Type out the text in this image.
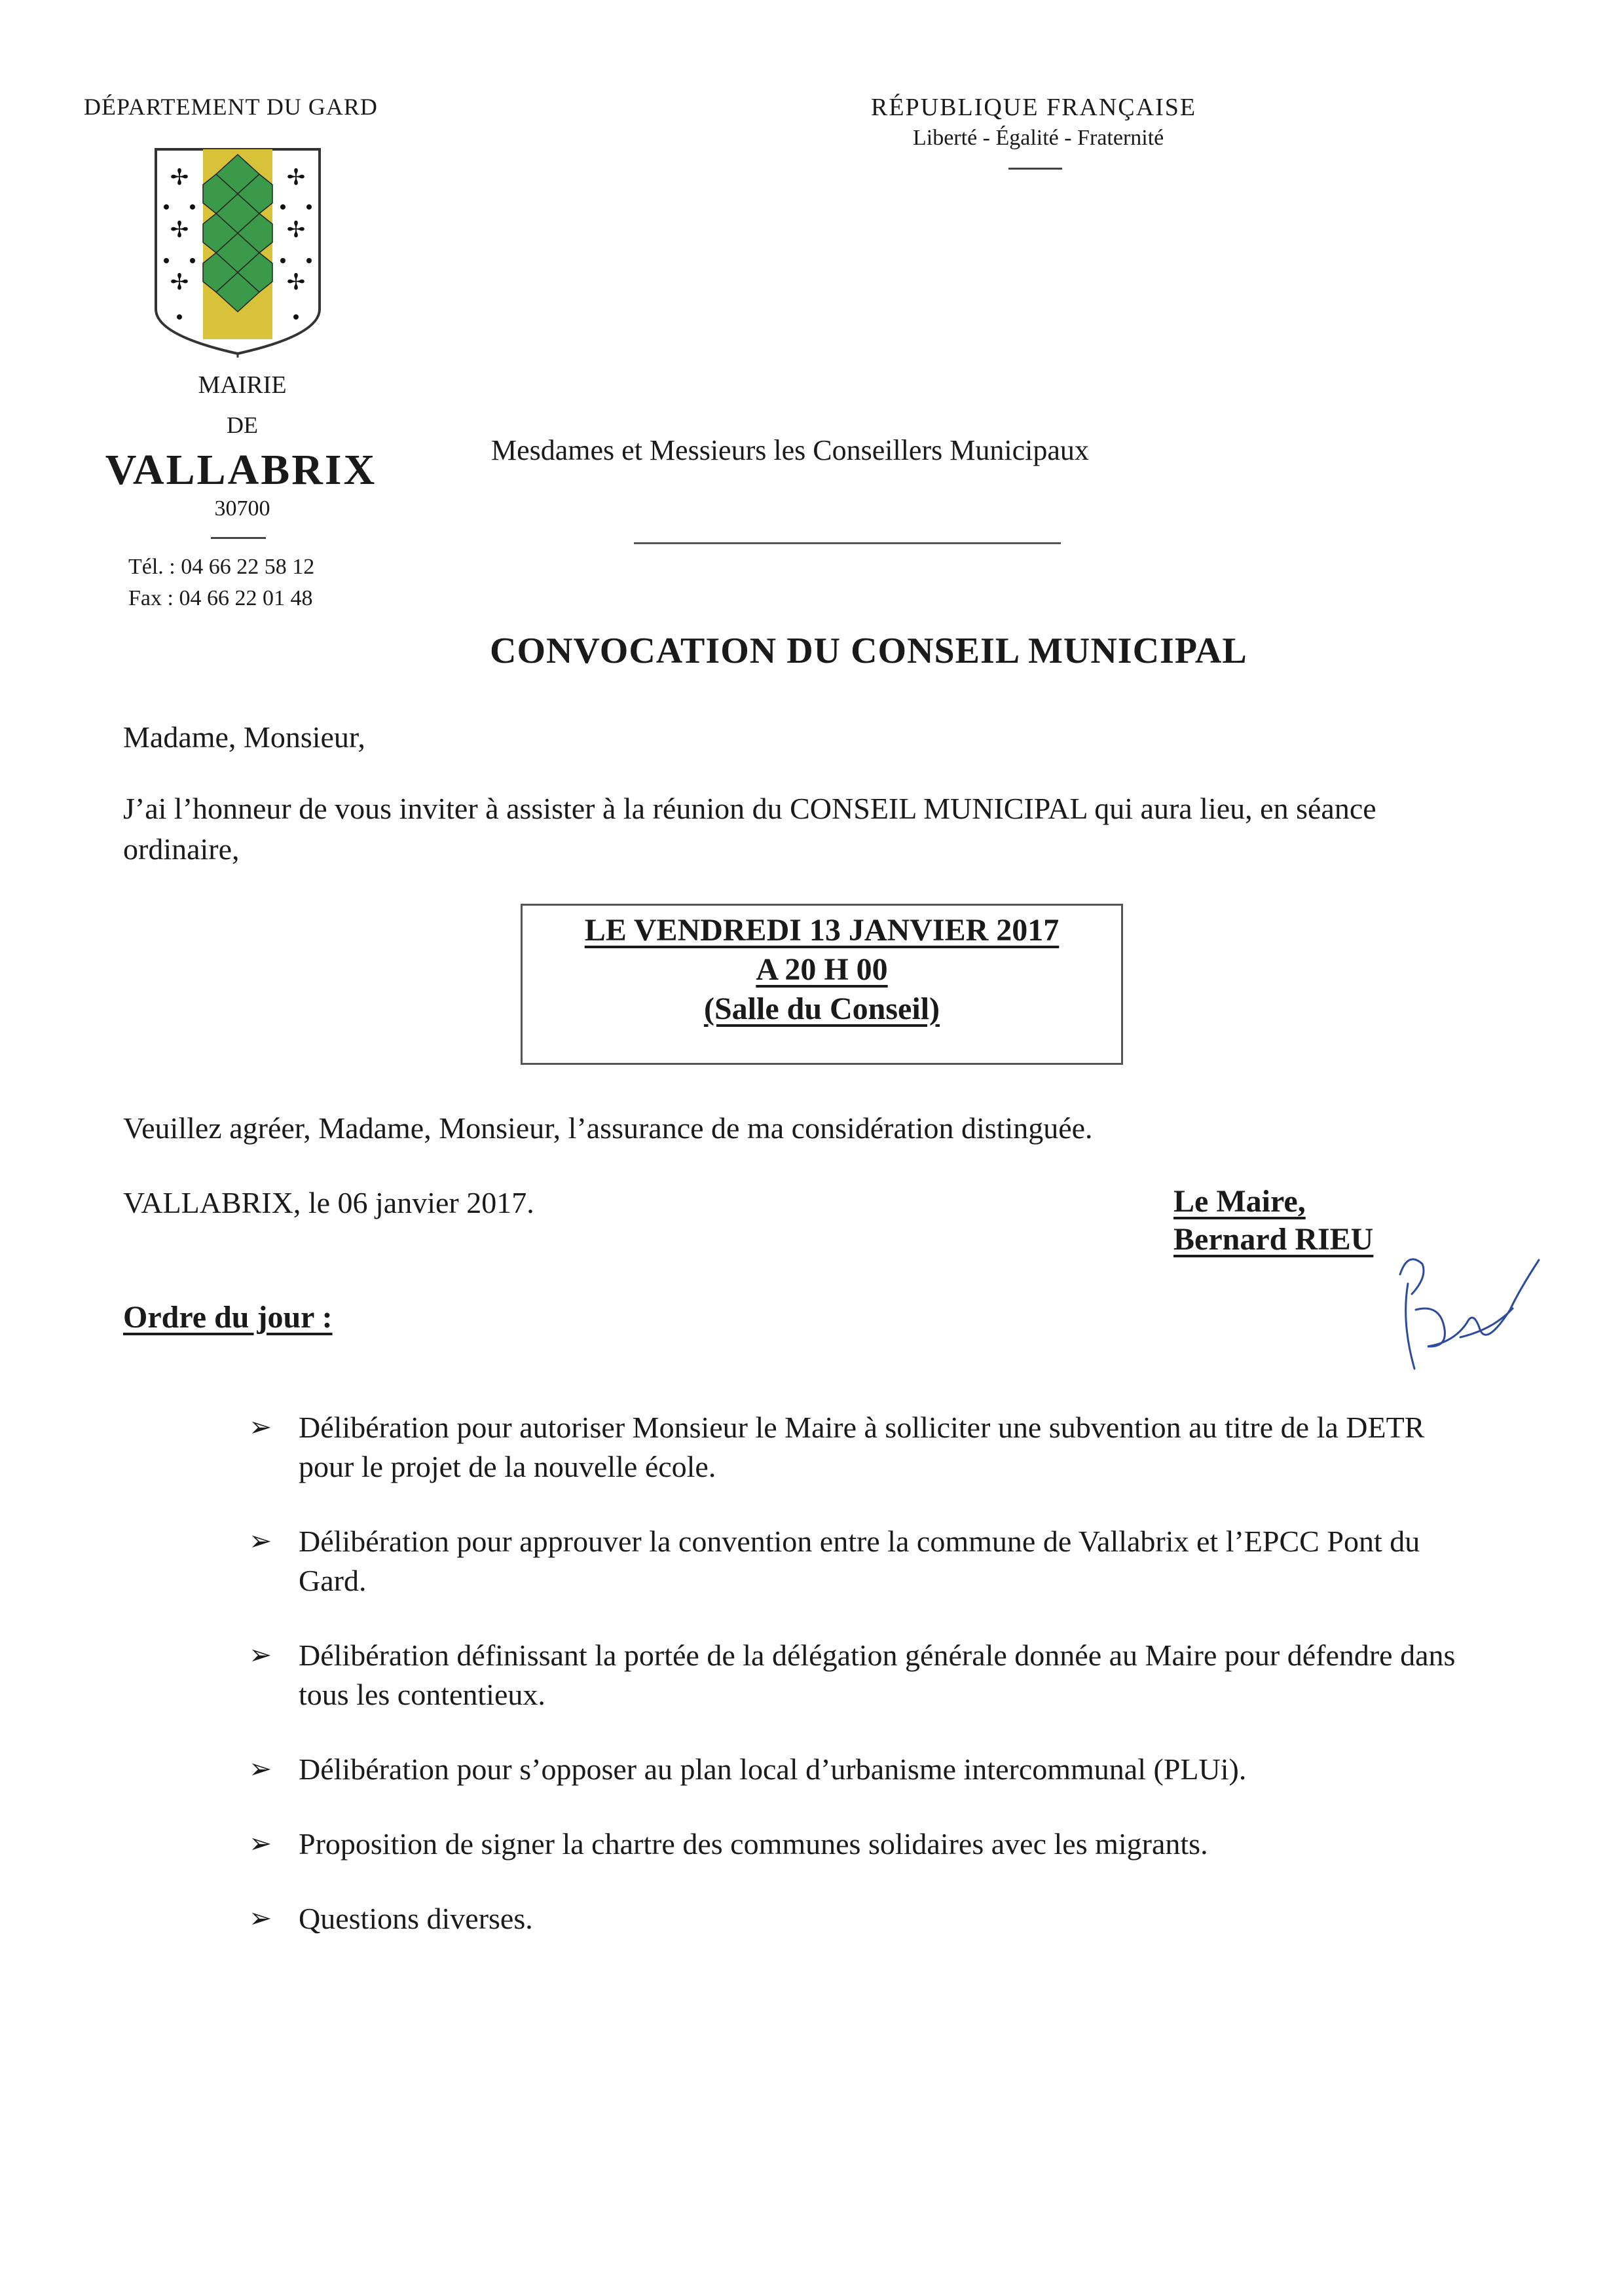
DÉPARTEMENT DU GARD	RÉPUBLIQUE FRANÇAISE
Liberté - Égalité - Fraternité
✢	✢
✢	✢
✢	✢
MAIRIE
DE
VALLABRIX
30700
Tél. : 04 66 22 58 12
Fax : 04 66 22 01 48
Mesdames et Messieurs les Conseillers Municipaux
CONVOCATION DU CONSEIL MUNICIPAL
Madame, Monsieur,
J’ai l’honneur de vous inviter à assister à la réunion du CONSEIL MUNICIPAL qui aura lieu, en séance ordinaire,
LE VENDREDI 13 JANVIER 2017
A 20 H 00
(Salle du Conseil)
Veuillez agréer, Madame, Monsieur, l’assurance de ma considération distinguée.
VALLABRIX, le 06 janvier 2017.	Le Maire,
Bernard RIEU
Ordre du jour :
➢ Délibération pour autoriser Monsieur le Maire à solliciter une subvention au titre de la DETR pour le projet de la nouvelle école.
➢ Délibération pour approuver la convention entre la commune de Vallabrix et l’EPCC Pont du Gard.
➢ Délibération définissant la portée de la délégation générale donnée au Maire pour défendre dans tous les contentieux.
➢ Délibération pour s’opposer au plan local d’urbanisme intercommunal (PLUi).
➢ Proposition de signer la chartre des communes solidaires avec les migrants.
➢ Questions diverses.
